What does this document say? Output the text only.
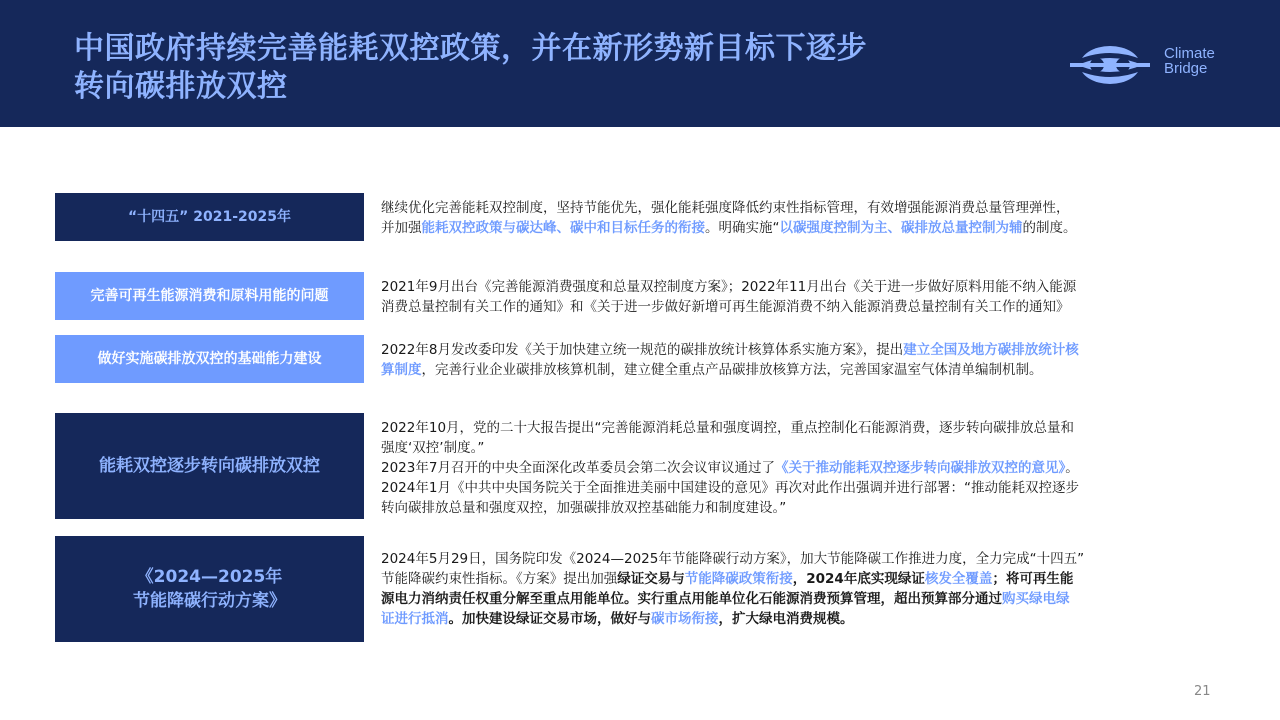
中国政府持续完善能耗双控政策，并在新形势新目标下逐步
转向碳排放双控
Climate
Bridge
“十四五” 2021-2025年
继续优化完善能耗双控制度，坚持节能优先，强化能耗强度降低约束性指标管理，有效增强能源消费总量管理弹性，
并加强能耗双控政策与碳达峰、碳中和目标任务的衔接。明确实施“以碳强度控制为主、碳排放总量控制为辅的制度。
完善可再生能源消费和原料用能的问题
2021年9月出台《完善能源消费强度和总量双控制度方案》；2022年11月出台《关于进一步做好原料用能不纳入能源
消费总量控制有关工作的通知》和《关于进一步做好新增可再生能源消费不纳入能源消费总量控制有关工作的通知》
做好实施碳排放双控的基础能力建设
2022年8月发改委印发《关于加快建立统一规范的碳排放统计核算体系实施方案》，提出建立全国及地方碳排放统计核
算制度，完善行业企业碳排放核算机制，建立健全重点产品碳排放核算方法，完善国家温室气体清单编制机制。
能耗双控逐步转向碳排放双控
2022年10月，党的二十大报告提出“完善能源消耗总量和强度调控，重点控制化石能源消费，逐步转向碳排放总量和
强度‘双控’制度。”
2023年7月召开的中央全面深化改革委员会第二次会议审议通过了《关于推动能耗双控逐步转向碳排放双控的意见》。
2024年1月《中共中央国务院关于全面推进美丽中国建设的意见》再次对此作出强调并进行部署：“推动能耗双控逐步
转向碳排放总量和强度双控，加强碳排放双控基础能力和制度建设。”
《2024—2025年
节能降碳行动方案》
2024年5月29日，国务院印发《2024—2025年节能降碳行动方案》，加大节能降碳工作推进力度，全力完成“十四五”
节能降碳约束性指标。《方案》提出加强绿证交易与节能降碳政策衔接，2024年底实现绿证核发全覆盖；将可再生能
源电力消纳责任权重分解至重点用能单位。实行重点用能单位化石能源消费预算管理，超出预算部分通过购买绿电绿
证进行抵消。加快建设绿证交易市场，做好与碳市场衔接，扩大绿电消费规模。
21
